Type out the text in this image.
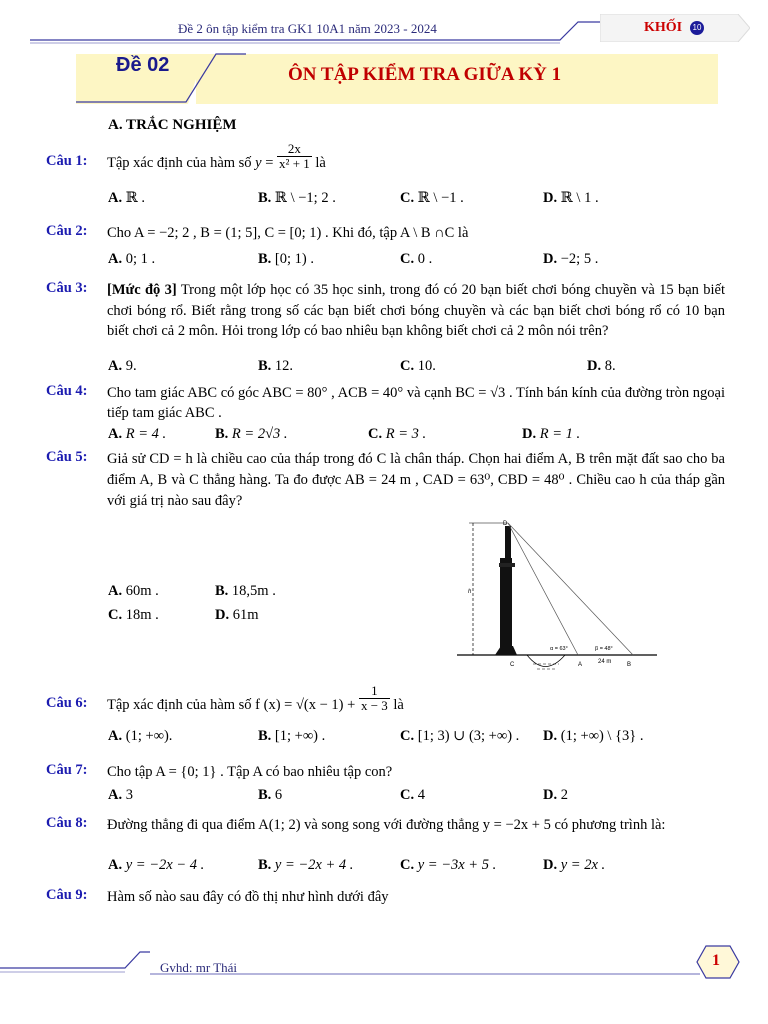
Đề 2 ôn tập kiểm tra GK1 10A1 năm 2023 - 2024	KHỐI	10
Đề 02	ÔN TẬP KIỂM TRA GIỮA KỲ 1
A. TRẮC NGHIỆM
Câu 1: Tập xác định của hàm số $y = \frac{2x}{\text{x² + 1}}$ là
A. ℝ .	B. ℝ \ −1; 2 .	C. ℝ \ −1 .	D. ℝ \ 1 .
Câu 2: Cho A = −2; 2 , B = (1; 5], C = [0; 1) . Khi đó, tập A \ B ∩C là
A. 0; 1 .	B. [0; 1) .	C. 0 .	D. −2; 5 .
Câu 3: [Mức độ 3] Trong một lớp học có 35 học sinh, trong đó có 20 bạn biết chơi bóng chuyền và 15 bạn biết chơi bóng rổ. Biết rằng trong số các bạn biết chơi bóng chuyền và các bạn biết chơi bóng rổ có 10 bạn biết chơi cả 2 môn. Hỏi trong lớp có bao nhiêu bạn không biết chơi cả 2 môn nói trên?
A. 9.	B. 12.	C. 10.	D. 8.
Câu 4: Cho tam giác ABC có góc ABC = 80° , ACB = 40° và cạnh BC = √3 . Tính bán kính của đường tròn ngoại tiếp tam giác ABC .
A. R = 4 .	B. R = 2√3 .	C. R = 3 .	D. R = 1 .
Câu 5: Giả sử CD = h là chiều cao của tháp trong đó C là chân tháp. Chọn hai điểm A, B trên mặt đất sao cho ba điểm A, B và C thẳng hàng. Ta đo được AB = 24 m , CAD = 63⁰, CBD = 48⁰ . Chiều cao h của tháp gần với giá trị nào sau đây?
A. 60m .	B. 18,5m .
C. 18m .	D. 61m
D
h
α = 63°	β = 48°
C	A	24 m	B
Câu 6: Tập xác định của hàm số f $(x) = √(x - 1) + \frac{1}{x - 3}$ là
A. (1; +∞).	B. [1; +∞) .	C. [1; 3) ∪ (3; +∞) . D. (1; +∞) \ {3} .
Câu 7: Cho tập A = {0; 1} . Tập A có bao nhiêu tập con?
A. 3	B. 6	C. 4	D. 2
Câu 8: Đường thẳng đi qua điểm A(1; 2) và song song với đường thẳng y = −2x + 5 có phương trình là:
A. y = −2x − 4 .	B. y = −2x + 4 .	C. y = −3x + 5 .	D. y = 2x .
Câu 9: Hàm số nào sau đây có đồ thị như hình dưới đây
Gvhd: mr Thái	1
